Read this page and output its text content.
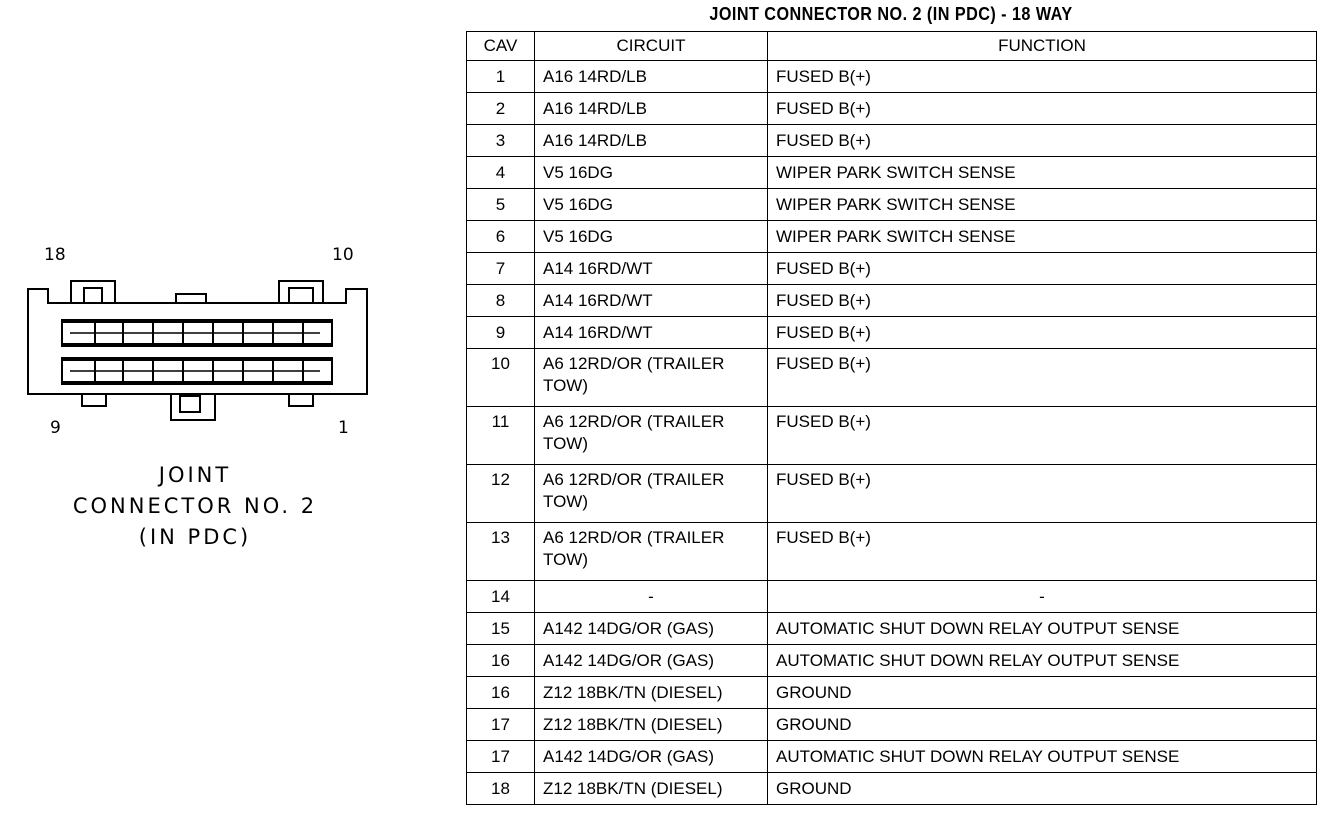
18	10
9	1
JOINT
CONNECTOR NO. 2
(IN PDC)
JOINT CONNECTOR NO. 2 (IN PDC) - 18 WAY
CAV	CIRCUIT	FUNCTION
1	A16 14RD/LB	FUSED B(+)
2	A16 14RD/LB	FUSED B(+)
3	A16 14RD/LB	FUSED B(+)
4	V5 16DG	WIPER PARK SWITCH SENSE
5	V5 16DG	WIPER PARK SWITCH SENSE
6	V5 16DG	WIPER PARK SWITCH SENSE
7	A14 16RD/WT	FUSED B(+)
8	A14 16RD/WT	FUSED B(+)
9	A14 16RD/WT	FUSED B(+)
10	A6 12RD/OR (TRAILER TOW)	FUSED B(+)
11	A6 12RD/OR (TRAILER TOW)	FUSED B(+)
12	A6 12RD/OR (TRAILER TOW)	FUSED B(+)
13	A6 12RD/OR (TRAILER TOW)	FUSED B(+)
14	-	-
15	A142 14DG/OR (GAS)	AUTOMATIC SHUT DOWN RELAY OUTPUT SENSE
16	A142 14DG/OR (GAS)	AUTOMATIC SHUT DOWN RELAY OUTPUT SENSE
16	Z12 18BK/TN (DIESEL)	GROUND
17	Z12 18BK/TN (DIESEL)	GROUND
17	A142 14DG/OR (GAS)	AUTOMATIC SHUT DOWN RELAY OUTPUT SENSE
18	Z12 18BK/TN (DIESEL)	GROUND
